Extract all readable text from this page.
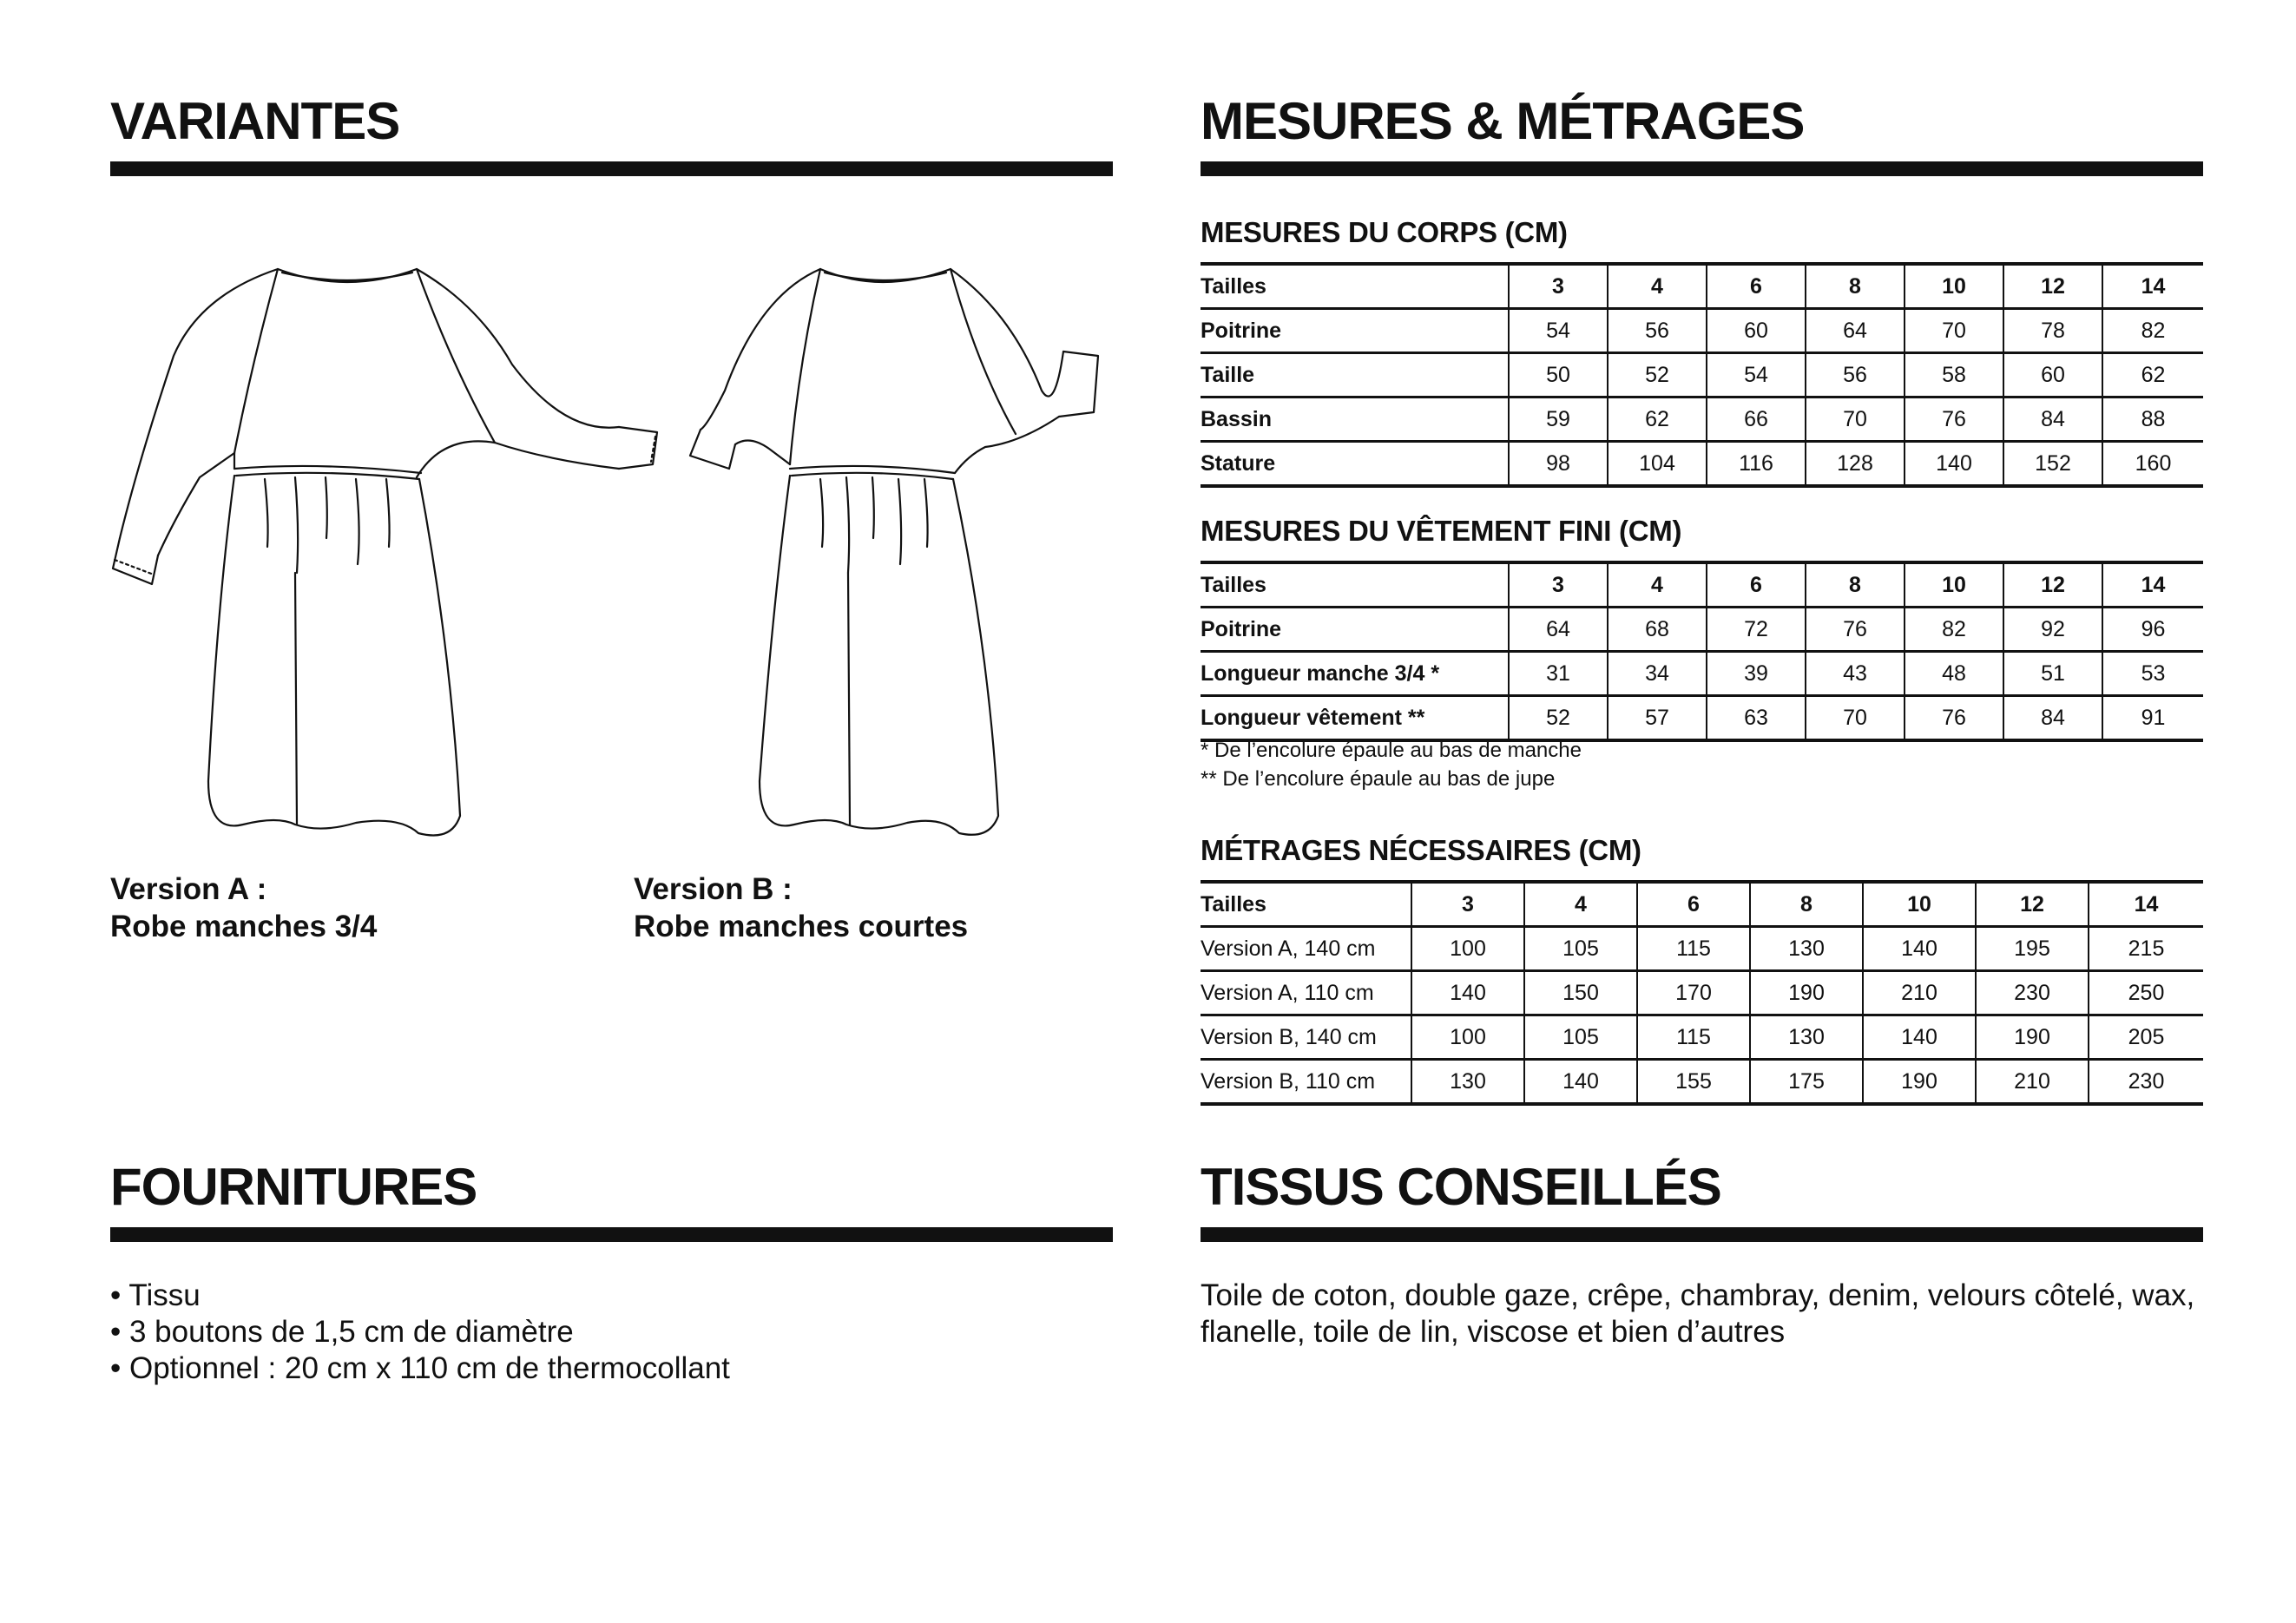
VARIANTES
Version A :
Robe manches 3/4
Version B :
Robe manches courtes
FOURNITURES
• Tissu
• 3 boutons de 1,5 cm de diamètre
• Optionnel : 20 cm x 110 cm de thermocollant
MESURES & MÉTRAGES
MESURES DU CORPS (CM)
Tailles	3	4	6	8	10	12	14
Poitrine	54	56	60	64	70	78	82
Taille	50	52	54	56	58	60	62
Bassin	59	62	66	70	76	84	88
Stature	98	104	116	128	140	152	160
MESURES DU VÊTEMENT FINI (CM)
Tailles	3	4	6	8	10	12	14
Poitrine	64	68	72	76	82	92	96
Longueur manche 3/4 *	31	34	39	43	48	51	53
Longueur vêtement **	52	57	63	70	76	84	91
* De l’encolure épaule au bas de manche
** De l’encolure épaule au bas de jupe
MÉTRAGES NÉCESSAIRES (CM)
Tailles	3	4	6	8	10	12	14
Version A, 140 cm	100	105	115	130	140	195	215
Version A, 110 cm	140	150	170	190	210	230	250
Version B, 140 cm	100	105	115	130	140	190	205
Version B, 110 cm	130	140	155	175	190	210	230
TISSUS CONSEILLÉS
Toile de coton, double gaze, crêpe, chambray, denim, velours côtelé, wax, flanelle, toile de lin, viscose et bien d’autres
